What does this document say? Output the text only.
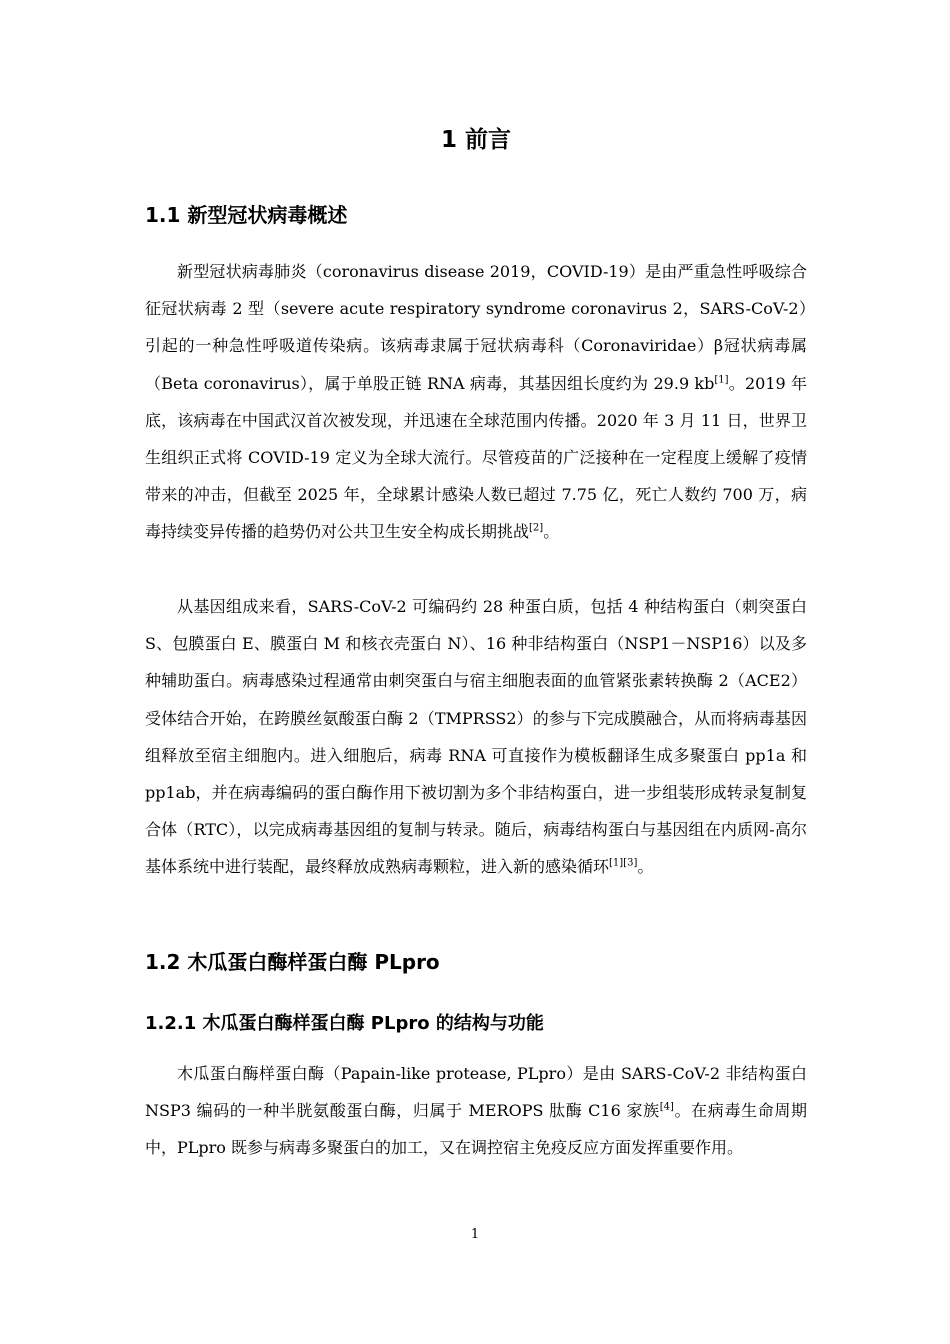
1 前言
1.1 新型冠状病毒概述

新型冠状病毒肺炎（coronavirus disease 2019，COVID-19）是由严重急性呼吸综合征冠状病毒 2 型（severe acute respiratory syndrome coronavirus 2，SARS-CoV-2）引起的一种急性呼吸道传染病。该病毒隶属于冠状病毒科（Coronaviridae）β冠状病毒属（Beta coronavirus），属于单股正链 RNA 病毒，其基因组长度约为 29.9 kb[1]。2019 年底，该病毒在中国武汉首次被发现，并迅速在全球范围内传播。2020 年 3 月 11 日，世界卫生组织正式将 COVID-19 定义为全球大流行。尽管疫苗的广泛接种在一定程度上缓解了疫情带来的冲击，但截至 2025 年，全球累计感染人数已超过 7.75 亿，死亡人数约 700 万，病毒持续变异传播的趋势仍对公共卫生安全构成长期挑战[2]。

从基因组成来看，SARS-CoV-2 可编码约 28 种蛋白质，包括 4 种结构蛋白（刺突蛋白 S、包膜蛋白 E、膜蛋白 M 和核衣壳蛋白 N）、16 种非结构蛋白（NSP1－NSP16）以及多种辅助蛋白。病毒感染过程通常由刺突蛋白与宿主细胞表面的血管紧张素转换酶 2（ACE2）受体结合开始，在跨膜丝氨酸蛋白酶 2（TMPRSS2）的参与下完成膜融合，从而将病毒基因组释放至宿主细胞内。进入细胞后，病毒 RNA 可直接作为模板翻译生成多聚蛋白 pp1a 和 pp1ab，并在病毒编码的蛋白酶作用下被切割为多个非结构蛋白，进一步组装形成转录复制复合体（RTC），以完成病毒基因组的复制与转录。随后，病毒结构蛋白与基因组在内质网-高尔基体系统中进行装配，最终释放成熟病毒颗粒，进入新的感染循环[1][3]。

1.2 木瓜蛋白酶样蛋白酶 PLpro
1.2.1 木瓜蛋白酶样蛋白酶 PLpro 的结构与功能

木瓜蛋白酶样蛋白酶（Papain-like protease, PLpro）是由 SARS-CoV-2 非结构蛋白 NSP3 编码的一种半胱氨酸蛋白酶，归属于 MEROPS 肽酶 C16 家族[4]。在病毒生命周期中，PLpro 既参与病毒多聚蛋白的加工，又在调控宿主免疫反应方面发挥重要作用。

1
